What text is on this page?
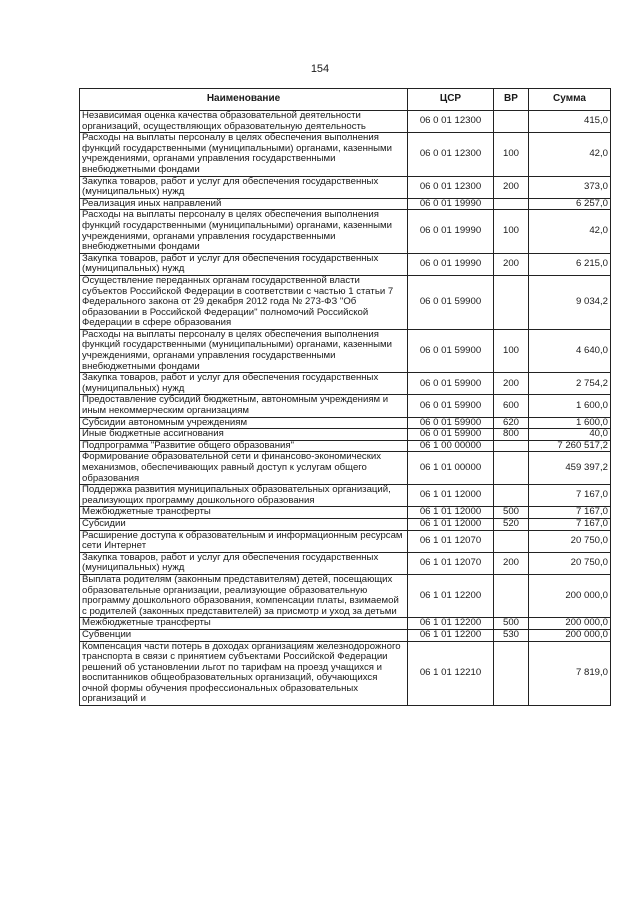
154
Наименование	ЦСР	ВР	Сумма
Независимая оценка качества образовательной деятельности организаций, осуществляющих образовательную деятельность	06 0 01 12300		415,0
Расходы на выплаты персоналу в целях обеспечения выполнения функций государственными (муниципальными) органами, казенными учреждениями, органами управления государственными внебюджетными фондами	06 0 01 12300	100	42,0
Закупка товаров, работ и услуг для обеспечения государственных (муниципальных) нужд	06 0 01 12300	200	373,0
Реализация иных направлений	06 0 01 19990		6 257,0
Расходы на выплаты персоналу в целях обеспечения выполнения функций государственными (муниципальными) органами, казенными учреждениями, органами управления государственными внебюджетными фондами	06 0 01 19990	100	42,0
Закупка товаров, работ и услуг для обеспечения государственных (муниципальных) нужд	06 0 01 19990	200	6 215,0
Осуществление переданных органам государственной власти субъектов Российской Федерации в соответствии с частью 1 статьи 7 Федерального закона от 29 декабря 2012 года № 273-ФЗ "Об образовании в Российской Федерации" полномочий Российской Федерации в сфере образования	06 0 01 59900		9 034,2
Расходы на выплаты персоналу в целях обеспечения выполнения функций государственными (муниципальными) органами, казенными учреждениями, органами управления государственными внебюджетными фондами	06 0 01 59900	100	4 640,0
Закупка товаров, работ и услуг для обеспечения государственных (муниципальных) нужд	06 0 01 59900	200	2 754,2
Предоставление субсидий бюджетным, автономным учреждениям и иным некоммерческим организациям	06 0 01 59900	600	1 600,0
Субсидии автономным учреждениям	06 0 01 59900	620	1 600,0
Иные бюджетные ассигнования	06 0 01 59900	800	40,0
Подпрограмма "Развитие общего образования"	06 1 00 00000		7 260 517,2
Формирование образовательной сети и финансово-экономических механизмов, обеспечивающих равный доступ к услугам общего образования	06 1 01 00000		459 397,2
Поддержка развития муниципальных образовательных организаций, реализующих программу дошкольного образования	06 1 01 12000		7 167,0
Межбюджетные трансферты	06 1 01 12000	500	7 167,0
Субсидии	06 1 01 12000	520	7 167,0
Расширение доступа к образовательным и информационным ресурсам сети Интернет	06 1 01 12070		20 750,0
Закупка товаров, работ и услуг для обеспечения государственных (муниципальных) нужд	06 1 01 12070	200	20 750,0
Выплата родителям (законным представителям) детей, посещающих образовательные организации, реализующие образовательную программу дошкольного образования, компенсации платы, взимаемой с родителей (законных представителей) за присмотр и уход за детьми	06 1 01 12200		200 000,0
Межбюджетные трансферты	06 1 01 12200	500	200 000,0
Субвенции	06 1 01 12200	530	200 000,0
Компенсация части потерь в доходах организациям железнодорожного транспорта в связи с принятием субъектами Российской Федерации решений об установлении льгот по тарифам на проезд учащихся и воспитанников общеобразовательных организаций, обучающихся очной формы обучения профессиональных образовательных организаций и	06 1 01 12210		7 819,0
